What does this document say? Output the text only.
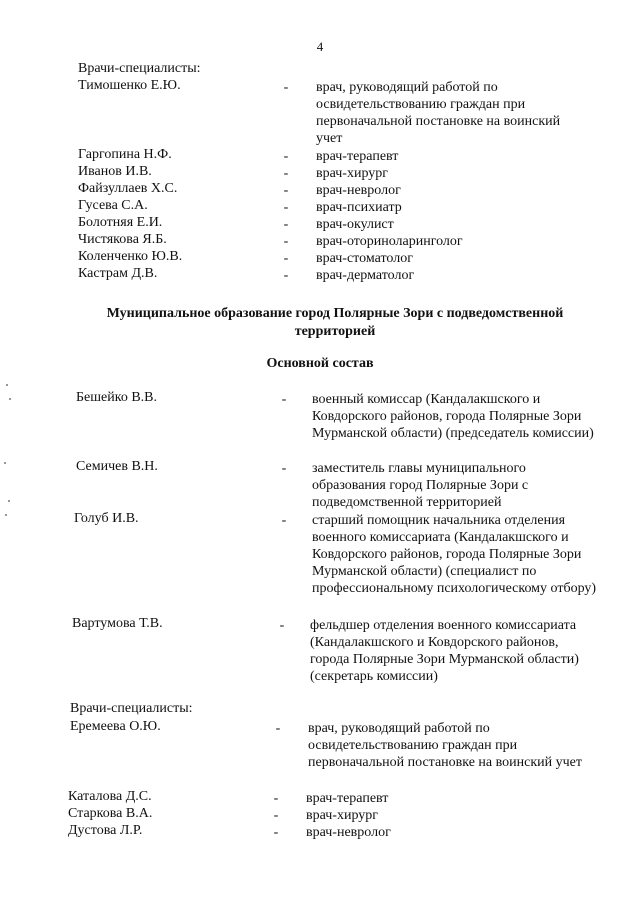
4
Врачи-специалисты:
Тимошенко Е.Ю.	- врач, руководящий работой по освидетельствованию граждан при первоначальной постановке на воинский учет
Гаргопина Н.Ф.	- врач-терапевт
Иванов И.В.	- врач-хирург
Файзуллаев Х.С.	- врач-невролог
Гусева С.А.	- врач-психиатр
Болотняя Е.И.	- врач-окулист
Чистякова Я.Б.	- врач-оториноларинголог
Коленченко Ю.В.	- врач-стоматолог
Кастрам Д.В.	- врач-дерматолог
Муниципальное образование город Полярные Зори с подведомственной территорией
Основной состав
Бешейко В.В.	- военный комиссар (Кандалакшского и Ковдорского районов, города Полярные Зори Мурманской области) (председатель комиссии)
Семичев В.Н.	- заместитель главы муниципального образования город Полярные Зори с подведомственной территорией
Голуб И.В.	- старший помощник начальника отделения военного комиссариата (Кандалакшского и Ковдорского районов, города Полярные Зори Мурманской области) (специалист по профессиональному психологическому отбору)
Вартумова Т.В.	- фельдшер отделения военного комиссариата (Кандалакшского и Ковдорского районов, города Полярные Зори Мурманской области) (секретарь комиссии)
Врачи-специалисты:
Еремеева О.Ю.	- врач, руководящий работой по освидетельствованию граждан при первоначальной постановке на воинский учет
Каталова Д.С.	- врач-терапевт
Старкова В.А.	- врач-хирург
Дустова Л.Р.	- врач-невролог
